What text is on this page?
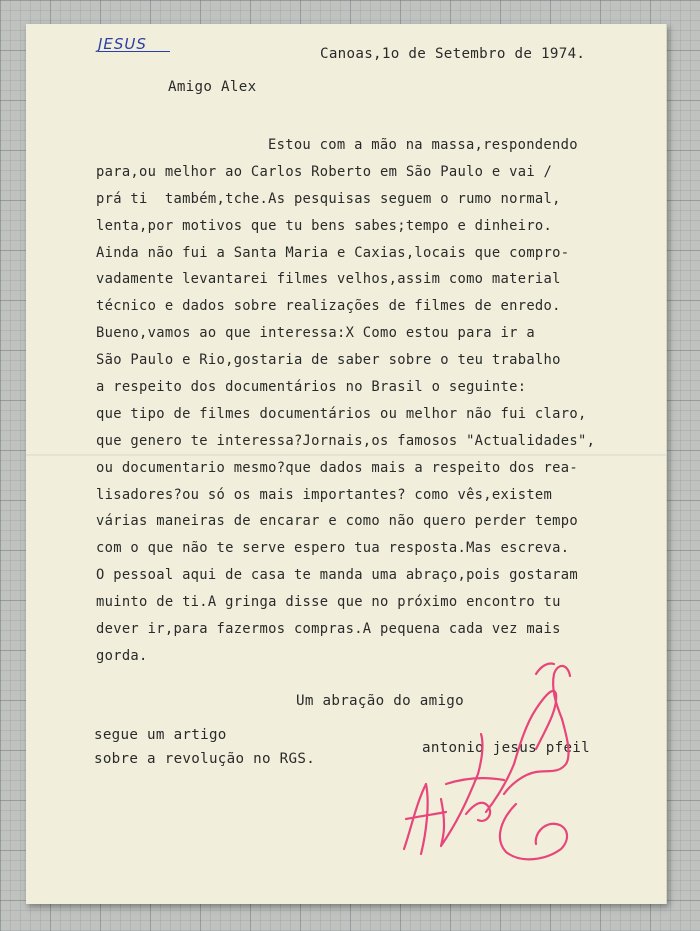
JESUS
Canoas,1o de Setembro de 1974.
Amigo Alex
Estou com a mão na massa,respondendo
para,ou melhor ao Carlos Roberto em São Paulo e vai /
prá ti  também,tche.As pesquisas seguem o rumo normal,
lenta,por motivos que tu bens sabes;tempo e dinheiro.
Ainda não fui a Santa Maria e Caxias,locais que compro-
vadamente levantarei filmes velhos,assim como material
técnico e dados sobre realizações de filmes de enredo.
Bueno,vamos ao que interessa:X Como estou para ir a
São Paulo e Rio,gostaria de saber sobre o teu trabalho
a respeito dos documentários no Brasil o seguinte:
que tipo de filmes documentários ou melhor não fui claro,
que genero te interessa?Jornais,os famosos "Actualidades",
ou documentario mesmo?que dados mais a respeito dos rea-
lisadores?ou só os mais importantes? como vês,existem
várias maneiras de encarar e como não quero perder tempo
com o que não te serve espero tua resposta.Mas escreva.
O pessoal aqui de casa te manda uma abraço,pois gostaram
muinto de ti.A gringa disse que no próximo encontro tu
dever ir,para fazermos compras.A pequena cada vez mais
gorda.
Um abração do amigo
segue um artigo
sobre a revolução no RGS.
antonio jesus pfeil
